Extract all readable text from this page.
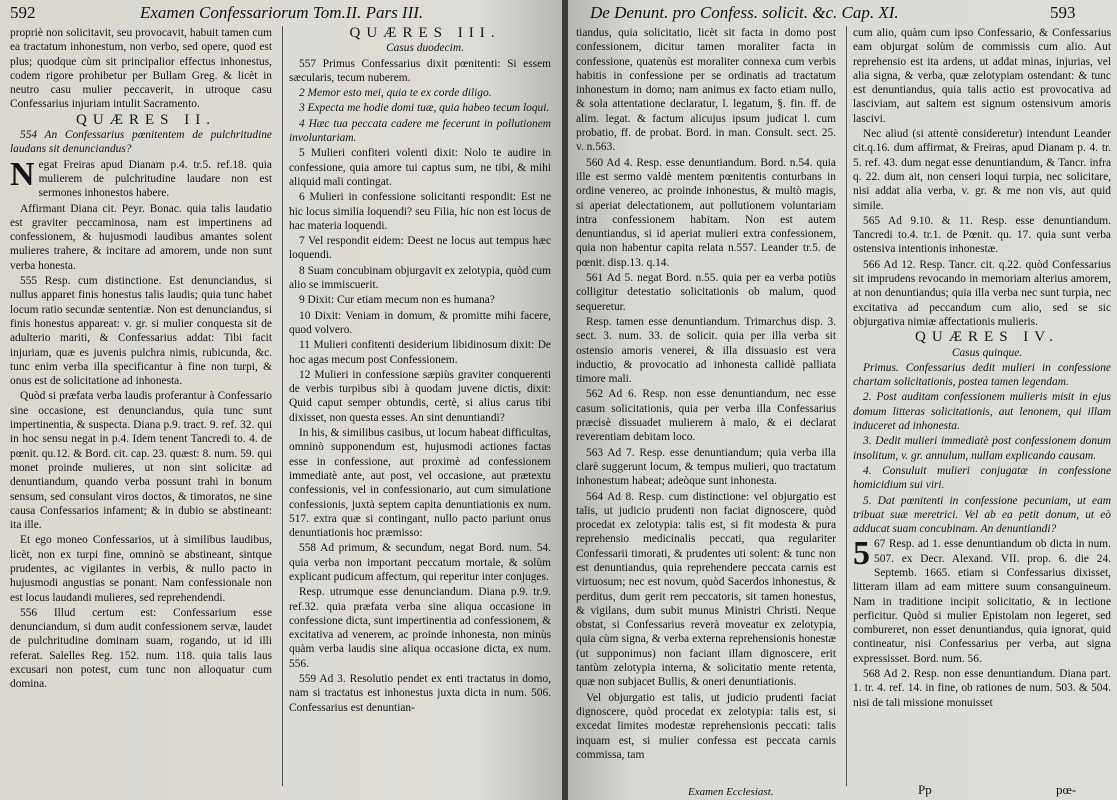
592	Examen Confessariorum Tom.II. Pars III.

propriè non solicitavit, seu provocavit, habuit tamen cum ea tractatum inhonestum, non verbo, sed opere, quod est plus; quodque cùm sit principalior effectus inhonestus, codem rigore prohibetur per Bullam Greg. & licèt in neutro casu mulier peccaverit, in utroque casu Confessarius injuriam intulit Sacramento.

QUÆRES II.

554 An Confessarius pœnitentem de pulchritudine laudans sit denunciandus?

Negat Freiras apud Dianam p.4. tr.5. ref.18. quia mulierem de pulchritudine laudare non est sermones inhonestos habere.

Affirmant Diana cit. Peyr. Bonac. quia talis laudatio est graviter peccaminosa, nam est impertinens ad confessionem, & hujusmodi laudibus amantes solent mulieres trahere, & incitare ad amorem, unde non sunt verba honesta.

555 Resp. cum distinctione. Est denunciandus, si nullus apparet finis honestus talis laudis; quia tunc habet locum ratio secundæ sententiæ. Non est denunciandus, si finis honestus appareat: v. gr. si mulier conquesta sit de adulterio mariti, & Confessarius addat: Tibi facit injuriam, quæ es juvenis pulchra nimis, rubicunda, &c. tunc enim verba illa specificantur à fine non turpi, & onus est de solicitatione ad inhonesta.

Quòd si præfata verba laudis proferantur à Confessario sine occasione, est denunciandus, quia tunc sunt impertinentia, & suspecta. Diana p.9. tract. 9. ref. 32. qui in hoc sensu negat in p.4. Idem tenent Tancredi to. 4. de pœnit. qu.12. & Bord. cit. cap. 23. quæst: 8. num. 59. qui monet proinde mulieres, ut non sint solicitæ ad denuntiandum, quando verba possunt trahi in bonum sensum, sed consulant viros doctos, & timoratos, ne sine causa Confessarios infament; & in dubio se abstineant: ita ille.

Et ego moneo Confessarios, ut à similibus laudibus, licèt, non ex turpi fine, omninò se abstineant, sintque prudentes, ac vigilantes in verbis, & nullo pacto in hujusmodi angustias se ponant. Nam confessionale non est locus laudandi mulieres, sed reprehendendi.

556 Illud certum est: Confessarium esse denunciandum, si dum audit confessionem servæ, laudet de pulchritudine dominam suam, rogando, ut id illi referat. Salelles Reg. 152. num. 118. quia talis laus excusari non potest, cum tunc non alloquatur cum domina.

QUÆRES III.

Casus duodecim.

557 Primus Confessarius dixit pœnitenti: Si essem sæcularis, tecum nuberem.

2 Memor esto mei, quia te ex corde diligo.

3 Expecta me hodie domi tuæ, quia habeo tecum loqui.

4 Hæc tua peccata cadere me fecerunt in pollutionem involuntariam.

5 Mulieri confiteri volenti dixit: Nolo te audire in confessione, quia amore tui captus sum, ne tibi, & mihi aliquid mali contingat.

6 Mulieri in confessione solicitanti respondit: Est ne hic locus similia loquendi? seu Filia, hic non est locus de hac materia loquendi.

7 Vel respondit eidem: Deest ne locus aut tempus hæc loquendi.

8 Suam concubinam objurgavit ex zelotypia, quòd cum alio se immiscuerit.

9 Dixit: Cur etiam mecum non es humana?

10 Dixit: Veniam in domum, & promitte mihi facere, quod volvero.

11 Mulieri confitenti desiderium libidinosum dixit: De hoc agas mecum post Confessionem.

12 Mulieri in confessione sæpiùs graviter conquerenti de verbis turpibus sibi à quodam juvene dictis, dixit: Quid caput semper obtundis, certè, si alius carus tibi dixisset, non questa esses. An sint denuntiandi?

In his, & similibus casibus, ut locum habeat difficultas, omninò supponendum est, hujusmodi actiones factas esse in confessione, aut proximè ad confessionem immediatè ante, aut post, vel occasione, aut prætextu confessionis, vel in confessionario, aut cum simulatione confessionis, juxtà septem capita denuntiationis ex num. 517. extra quæ si contingant, nullo pacto pariunt onus denuntiationis hoc præmisso:

558 Ad primum, & secundum, negat Bord. num. 54. quia verba non important peccatum mortale, & solùm explicant pudicum affectum, qui reperitur inter conjuges.

Resp. utrumque esse denunciandum. Diana p.9. tr.9. ref.32. quia præfata verba sine aliqua occasione in confessione dicta, sunt impertinentia ad confessionem, & excitativa ad venerem, ac proinde inhonesta, non minùs quàm verba laudis sine aliqua occasione dicta, ex num. 556.

559 Ad 3. Resolutio pendet ex enti tractatus in domo, nam si tractatus est inhonestus juxta dicta in num. 506. Confessarius est denuntian-

De Denunt. pro Confess. solicit. &c. Cap. XI.	593

tiandus, quia solicitatio, licèt sit facta in domo post confessionem, dicitur tamen moraliter facta in confessione, quatenùs est moraliter connexa cum verbis habitis in confessione per se ordinatis ad tractatum inhonestum in domo; nam animus ex facto etiam nullo, & sola attentatione declaratur, l. legatum, §. fin. ff. de alim. legat. & factum alicujus ipsum judicat l. cum probatio, ff. de probat. Bord. in man. Consult. sect. 25. v. n.563.

560 Ad 4. Resp. esse denuntiandum. Bord. n.54. quia ille est sermo valdè mentem pœnitentis conturbans in ordine venereo, ac proinde inhonestus, & multò magis, si aperiat delectationem, aut pollutionem voluntariam intra confessionem habitam. Non est autem denuntiandus, si id aperiat mulieri extra confessionem, quia non habentur capita relata n.557. Leander tr.5. de pœnit. disp.13. q.14.

561 Ad 5. negat Bord. n.55. quia per ea verba potiùs colligitur detestatio solicitationis ob malum, quod sequeretur.

Resp. tamen esse denuntiandum. Trimarchus disp. 3. sect. 3. num. 33. de solicit. quia per illa verba sit ostensio amoris venerei, & illa dissuasio est vera inductio, & provocatio ad inhonesta callidè palliata timore mali.

562 Ad 6. Resp. non esse denuntiandum, nec esse casum solicitationis, quia per verba illa Confessarius præcisè dissuadet mulierem à malo, & ei declarat reverentiam debitam loco.

563 Ad 7. Resp. esse denuntiandum; quia verba illa clarè suggerunt locum, & tempus mulieri, quo tractatum inhonestum habeat; adeòque sunt inhonesta.

564 Ad 8. Resp. cum distinctione: vel objurgatio est talis, ut judicio prudenti non faciat dignoscere, quòd procedat ex zelotypia: talis est, si fit modesta & pura reprehensio medicinalis peccati, qua regulariter Confessarii timorati, & prudentes uti solent: & tunc non est denuntiandus, quia reprehendere peccata carnis est virtuosum; nec est novum, quòd Sacerdos inhonestus, & perditus, dum gerit rem peccatoris, sit tamen honestus, & vigilans, dum subit munus Ministri Christi. Neque obstat, si Confessarius reverà moveatur ex zelotypia, quia cùm signa, & verba externa reprehensionis honestæ (ut supponimus) non faciant illam dignoscere, erit tantùm zelotypia interna, & solicitatio mente retenta, quæ non subjacet Bullis, & oneri denuntiationis.

Vel objurgatio est talis, ut judicio prudenti faciat dignoscere, quòd procedat ex zelotypia: talis est, si excedat limites modestæ reprehensionis peccati: talis inquam est, si mulier confessa est peccata carnis commissa, tam

cum alio, quàm cum ipso Confessario, & Confessarius eam objurgat solùm de commissis cum alio. Aut reprehensio est ita ardens, ut addat minas, injurias, vel alia signa, & verba, quæ zelotypiam ostendant: & tunc est denuntiandus, quia talis actio est provocativa ad lasciviam, aut saltem est signum ostensivum amoris lascivi.

Nec aliud (si attentè consideretur) intendunt Leander cit.q.16. dum affirmat, & Freiras, apud Dianam p. 4. tr. 5. ref. 43. dum negat esse denuntiandum, & Tancr. infra q. 22. dum ait, non censeri loqui turpia, nec solicitare, nisi addat alia verba, v. gr. & me non vis, aut quid simile.

565 Ad 9.10. & 11. Resp. esse denuntiandum. Tancredi to.4. tr.1. de Pœnit. qu. 17. quia sunt verba ostensiva intentionis inhonestæ.

566 Ad 12. Resp. Tancr. cit. q.22. quòd Confessarius sit imprudens revocando in memoriam alterius amorem, at non denuntiandus; quia illa verba nec sunt turpia, nec excitativa ad peccandum cum alio, sed se sic objurgativa nimiæ affectationis mulieris.

QUÆRES IV.

Casus quinque.

Primus. Confessarius dedit mulieri in confessione chartam solicitationis, postea tamen legendam.

2. Post auditam confessionem mulieris misit in ejus domum litteras solicitationis, aut lenonem, qui illam induceret ad inhonesta.

3. Dedit mulieri immediatè post confessionem donum insolitum, v. gr. annulum, nullam explicando causam.

4. Consuluit mulieri conjugatæ in confessione homicidium sui viri.

5. Dat pœnitenti in confessione pecuniam, ut eam tribuat suæ meretrici. Vel ab ea petit donum, ut eò adducat suam concubinam. An denuntiandi?

5 67 Resp. ad 1. esse denuntiandum ob dicta in num. 507. ex Decr. Alexand. VII. prop. 6. die 24. Septemb. 1665. etiam si Confessarius dixisset, litteram illam ad eam mittere suum consanguineum. Nam in traditione incipit solicitatio, & in lectione perficitur. Quòd si mulier Epistolam non legeret, sed combureret, non esset denuntiandus, quia ignorat, quid contineatur, nisi Confessarius per verba, aut signa expressisset. Bord. num. 56.

568 Ad 2. Resp. non esse denuntiandum. Diana part. 1. tr. 4. ref. 14. in fine, ob rationes de num. 503. & 504. nisi de tali missione monuisset

Examen Ecclesiast.	Pp	pœ-
